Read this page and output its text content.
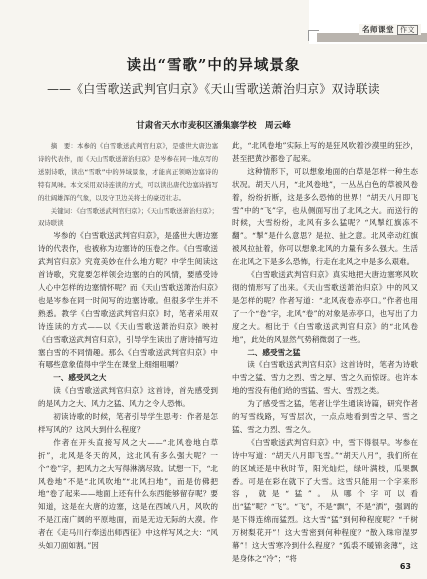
名师课堂 作文
读出“雪歌”中的异域景象
——《白雪歌送武判官归京》《天山雪歌送萧治归京》双诗联读
甘肃省天水市麦积区潘集寨学校　周云峰

摘　要：本参的《白雪歌送武判官归京》，是盛世大唐边塞诗的代表作，而《天山雪歌送萧治归京》是岑参在同一地点写的送别诗歌，读出“雪歌”中的异域景象，才能真正领略边塞诗的特有风味。本文采用双诗连读的方式，可以读出唐代边塞诗描写的壮阔雄浑的气象，以及守卫边关将士的豪迈壮志。

关键词：《白雪歌送武判官归京》；《天山雪歌送萧治归京》；双诗联读

岑参的《白雪歌送武判官归京》，是盛世大唐边塞诗的代表作，也被称为边塞诗的压卷之作。《白雪歌送武判官归京》究竟美妙在什么地方呢？中学生阅读这首诗歌，究竟要怎样领会边塞的白的风情，要感受诗人心中怎样的边塞情怀呢？而《天山雪歌送萧治归京》也是岑参在同一时间写的边塞诗歌。但很多学生并不熟悉。教学《白雪歌送武判官归京》时，笔者采用双诗连读的方式——以《天山雪歌送萧治归京》映衬《白雪歌送武判官归京》，引导学生读出了唐诗描写边塞白雪的不同情趣。那么《白雪歌送武判官归京》中有哪些意象值得中学生在课堂上细细咀嚼？

一、感受风之大

读《白雪歌送武判官归京》这首诗，首先感受到的是风力之大、风力之猛、风力之令人恐怖。

初读诗歌的时候，笔者引导学生思考：作者是怎样写风的？这风大到什么程度？

作者在开头直接写风之大——“北风卷地白草折”，北风是冬天的风，这北风有多么强大呢？一个“卷”字，把风力之大写得淋漓尽致。试想一下，“北风卷地”不是“北风吹地”“北风扫地”，而是仿佛把地“卷了起来——地面上还有什么东西能够留存呢？要知道，这是在大唐的边塞，这是在西域八月，风吹的不是江南广阔的平原地面，而是无边无际的大漠。作者在《走马川行奉送出师西征》中这样写风之大：“风头如刀面如割。”因

此，“北风卷地”实际上写的是狂风吹着沙漠里的狂沙，甚至把黄沙都卷了起来。

这种情形下，可以想象地面的白草是怎样一种生态状况。胡天八月，“北风卷地”，一丛丛白色的草被风卷着，纷纷折断，这是多么恐怖的世界！“胡天八月即飞雪”中的“飞”字，也从侧面写出了北风之大。而送行的时候，大雪纷纷，北风有多么猛呢？“风掣红旗冻不翻”。“掣”是什么意思？是拉、扯之意。北风牵动红旗被风拉扯着，你可以想象北风的力量有多么强大。生活在北风之下是多么恐怖，行走在北风之中是多么艰难。

《白雪歌送武判官归京》真实地把大唐边塞寒风吹彻的情形写了出来。《天山雪歌送萧治归京》中的风又是怎样的呢？作者写道：“北风夜卷赤亭口。”作者也用了一个“卷”字，北风“卷”的对象是赤亭口，也写出了力度之大。相比于《白雪歌送武判官归京》的“北风卷地”，此处的风显然气势稍微弱了一些。

二、感受雪之猛

读《白雪歌送武判官归京》这首诗时，笔者为诗歌中雪之猛、雪力之烈、雪之厚、雪之久而惊讶。也许本地的雪没有他们给的雪猛、雪大、雪烈之类。

为了感受雪之猛，笔者让学生通读诗篇，研究作者的写雪线路，写雪层次，一点点地看到雪之早、雪之猛、雪之力烈、雪之久。

《白雪歌送武判官归京》中，雪下得很早。岑参在诗中写道：“胡天八月即飞雪。”“胡天八月”，我们所在的区域还是中秋时节，阳光灿烂，绿叶满枝，瓜果飘香。可是在彩在就下了大雪。这雪只能用一个字来形容，就是“猛”。从哪个字可以看出“猛”呢？“飞”。“飞”，不是“飘”，不是“洒”，强调的是下得连绵而猛烈。这大雪“猛”到何种程度呢？“千树万树梨花开”！这大雪密到何种程度？“散入珠帘湿罗幕”！这大雪寒冷到什么程度？“狐裘不暖锦衾薄”，这是身体之“冷”；“将

63
